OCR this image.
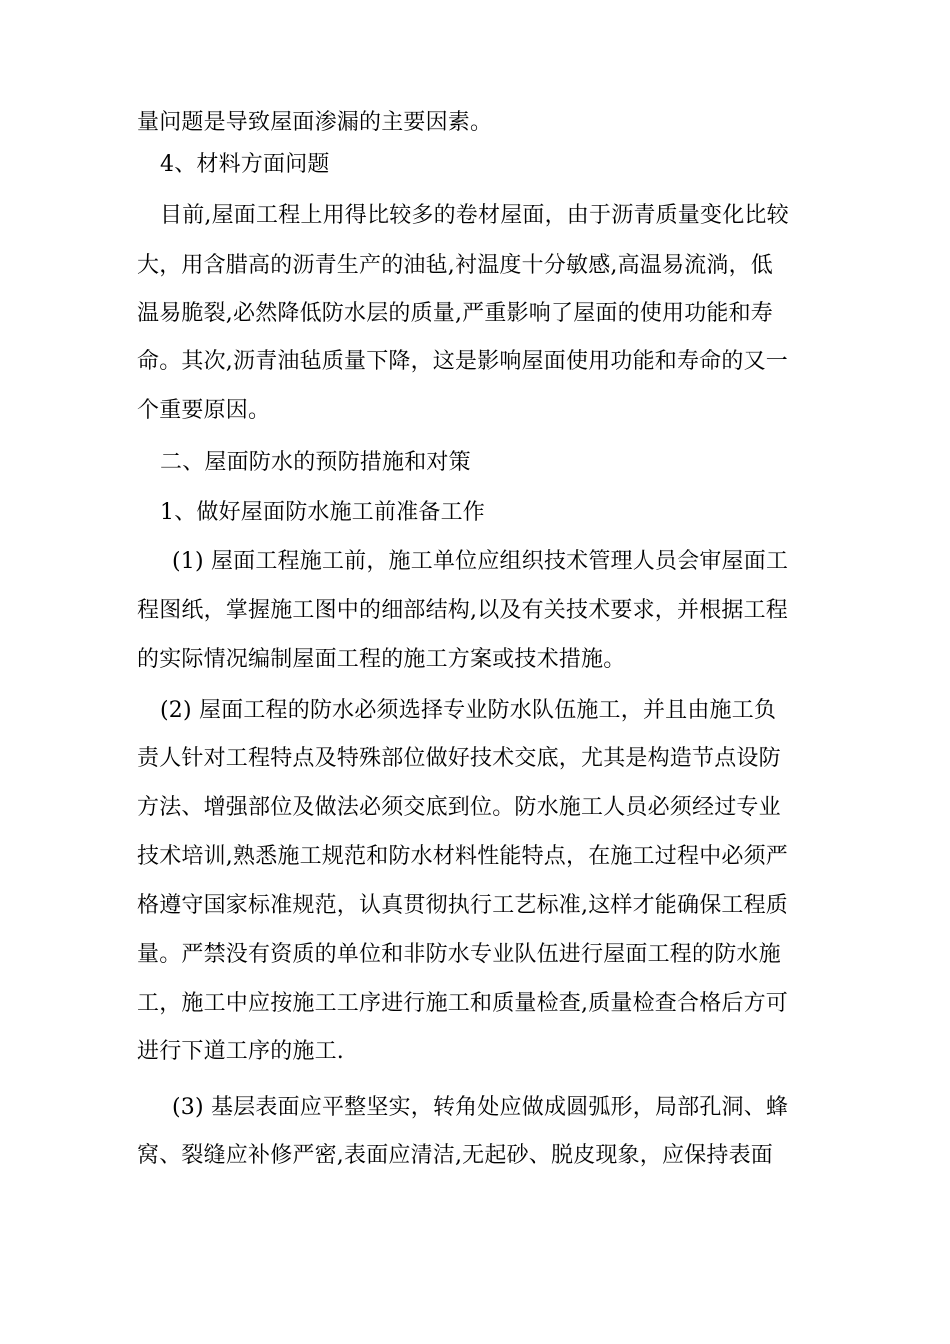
量问题是导致屋面渗漏的主要因素。
4、材料方面问题
目前,屋面工程上用得比较多的卷材屋面，由于沥青质量变化比较
大，用含腊高的沥青生产的油毡,衬温度十分敏感,高温易流淌，低
温易脆裂,必然降低防水层的质量,严重影响了屋面的使用功能和寿
命。其次,沥青油毡质量下降，这是影响屋面使用功能和寿命的又一
个重要原因。
二、屋面防水的预防措施和对策
1、做好屋面防水施工前准备工作
(1) 屋面工程施工前，施工单位应组织技术管理人员会审屋面工
程图纸，掌握施工图中的细部结构,以及有关技术要求，并根据工程
的实际情况编制屋面工程的施工方案或技术措施。
(2) 屋面工程的防水必须选择专业防水队伍施工，并且由施工负
责人针对工程特点及特殊部位做好技术交底，尤其是构造节点设防
方法、增强部位及做法必须交底到位。防水施工人员必须经过专业
技术培训,熟悉施工规范和防水材料性能特点，在施工过程中必须严
格遵守国家标准规范，认真贯彻执行工艺标准,这样才能确保工程质
量。严禁没有资质的单位和非防水专业队伍进行屋面工程的防水施
工，施工中应按施工工序进行施工和质量检查,质量检查合格后方可
进行下道工序的施工.
(3) 基层表面应平整坚实，转角处应做成圆弧形，局部孔洞、蜂
窝、裂缝应补修严密,表面应清洁,无起砂、脱皮现象，应保持表面
